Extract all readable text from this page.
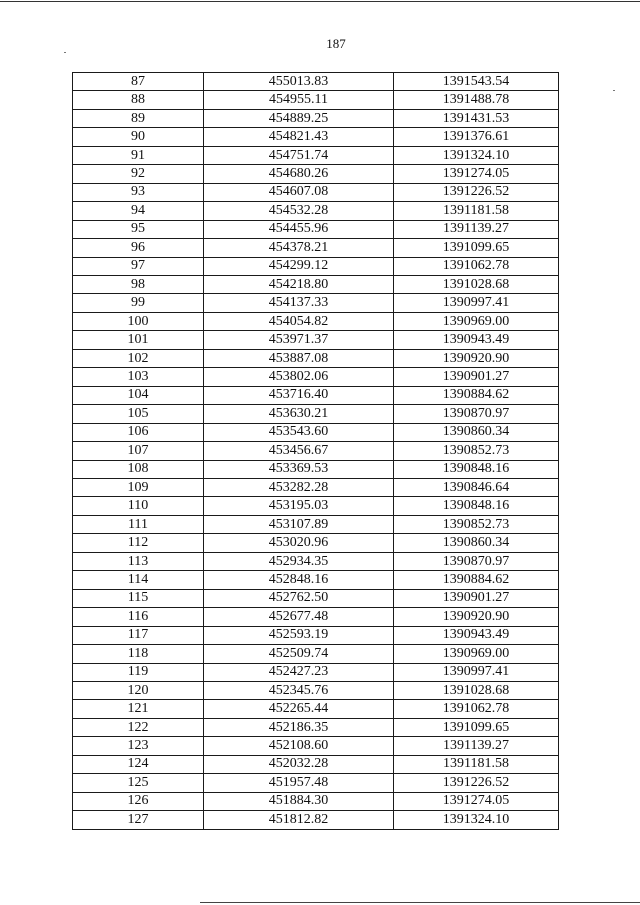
187
87	455013.83	1391543.54
88	454955.11	1391488.78
89	454889.25	1391431.53
90	454821.43	1391376.61
91	454751.74	1391324.10
92	454680.26	1391274.05
93	454607.08	1391226.52
94	454532.28	1391181.58
95	454455.96	1391139.27
96	454378.21	1391099.65
97	454299.12	1391062.78
98	454218.80	1391028.68
99	454137.33	1390997.41
100	454054.82	1390969.00
101	453971.37	1390943.49
102	453887.08	1390920.90
103	453802.06	1390901.27
104	453716.40	1390884.62
105	453630.21	1390870.97
106	453543.60	1390860.34
107	453456.67	1390852.73
108	453369.53	1390848.16
109	453282.28	1390846.64
110	453195.03	1390848.16
111	453107.89	1390852.73
112	453020.96	1390860.34
113	452934.35	1390870.97
114	452848.16	1390884.62
115	452762.50	1390901.27
116	452677.48	1390920.90
117	452593.19	1390943.49
118	452509.74	1390969.00
119	452427.23	1390997.41
120	452345.76	1391028.68
121	452265.44	1391062.78
122	452186.35	1391099.65
123	452108.60	1391139.27
124	452032.28	1391181.58
125	451957.48	1391226.52
126	451884.30	1391274.05
127	451812.82	1391324.10
